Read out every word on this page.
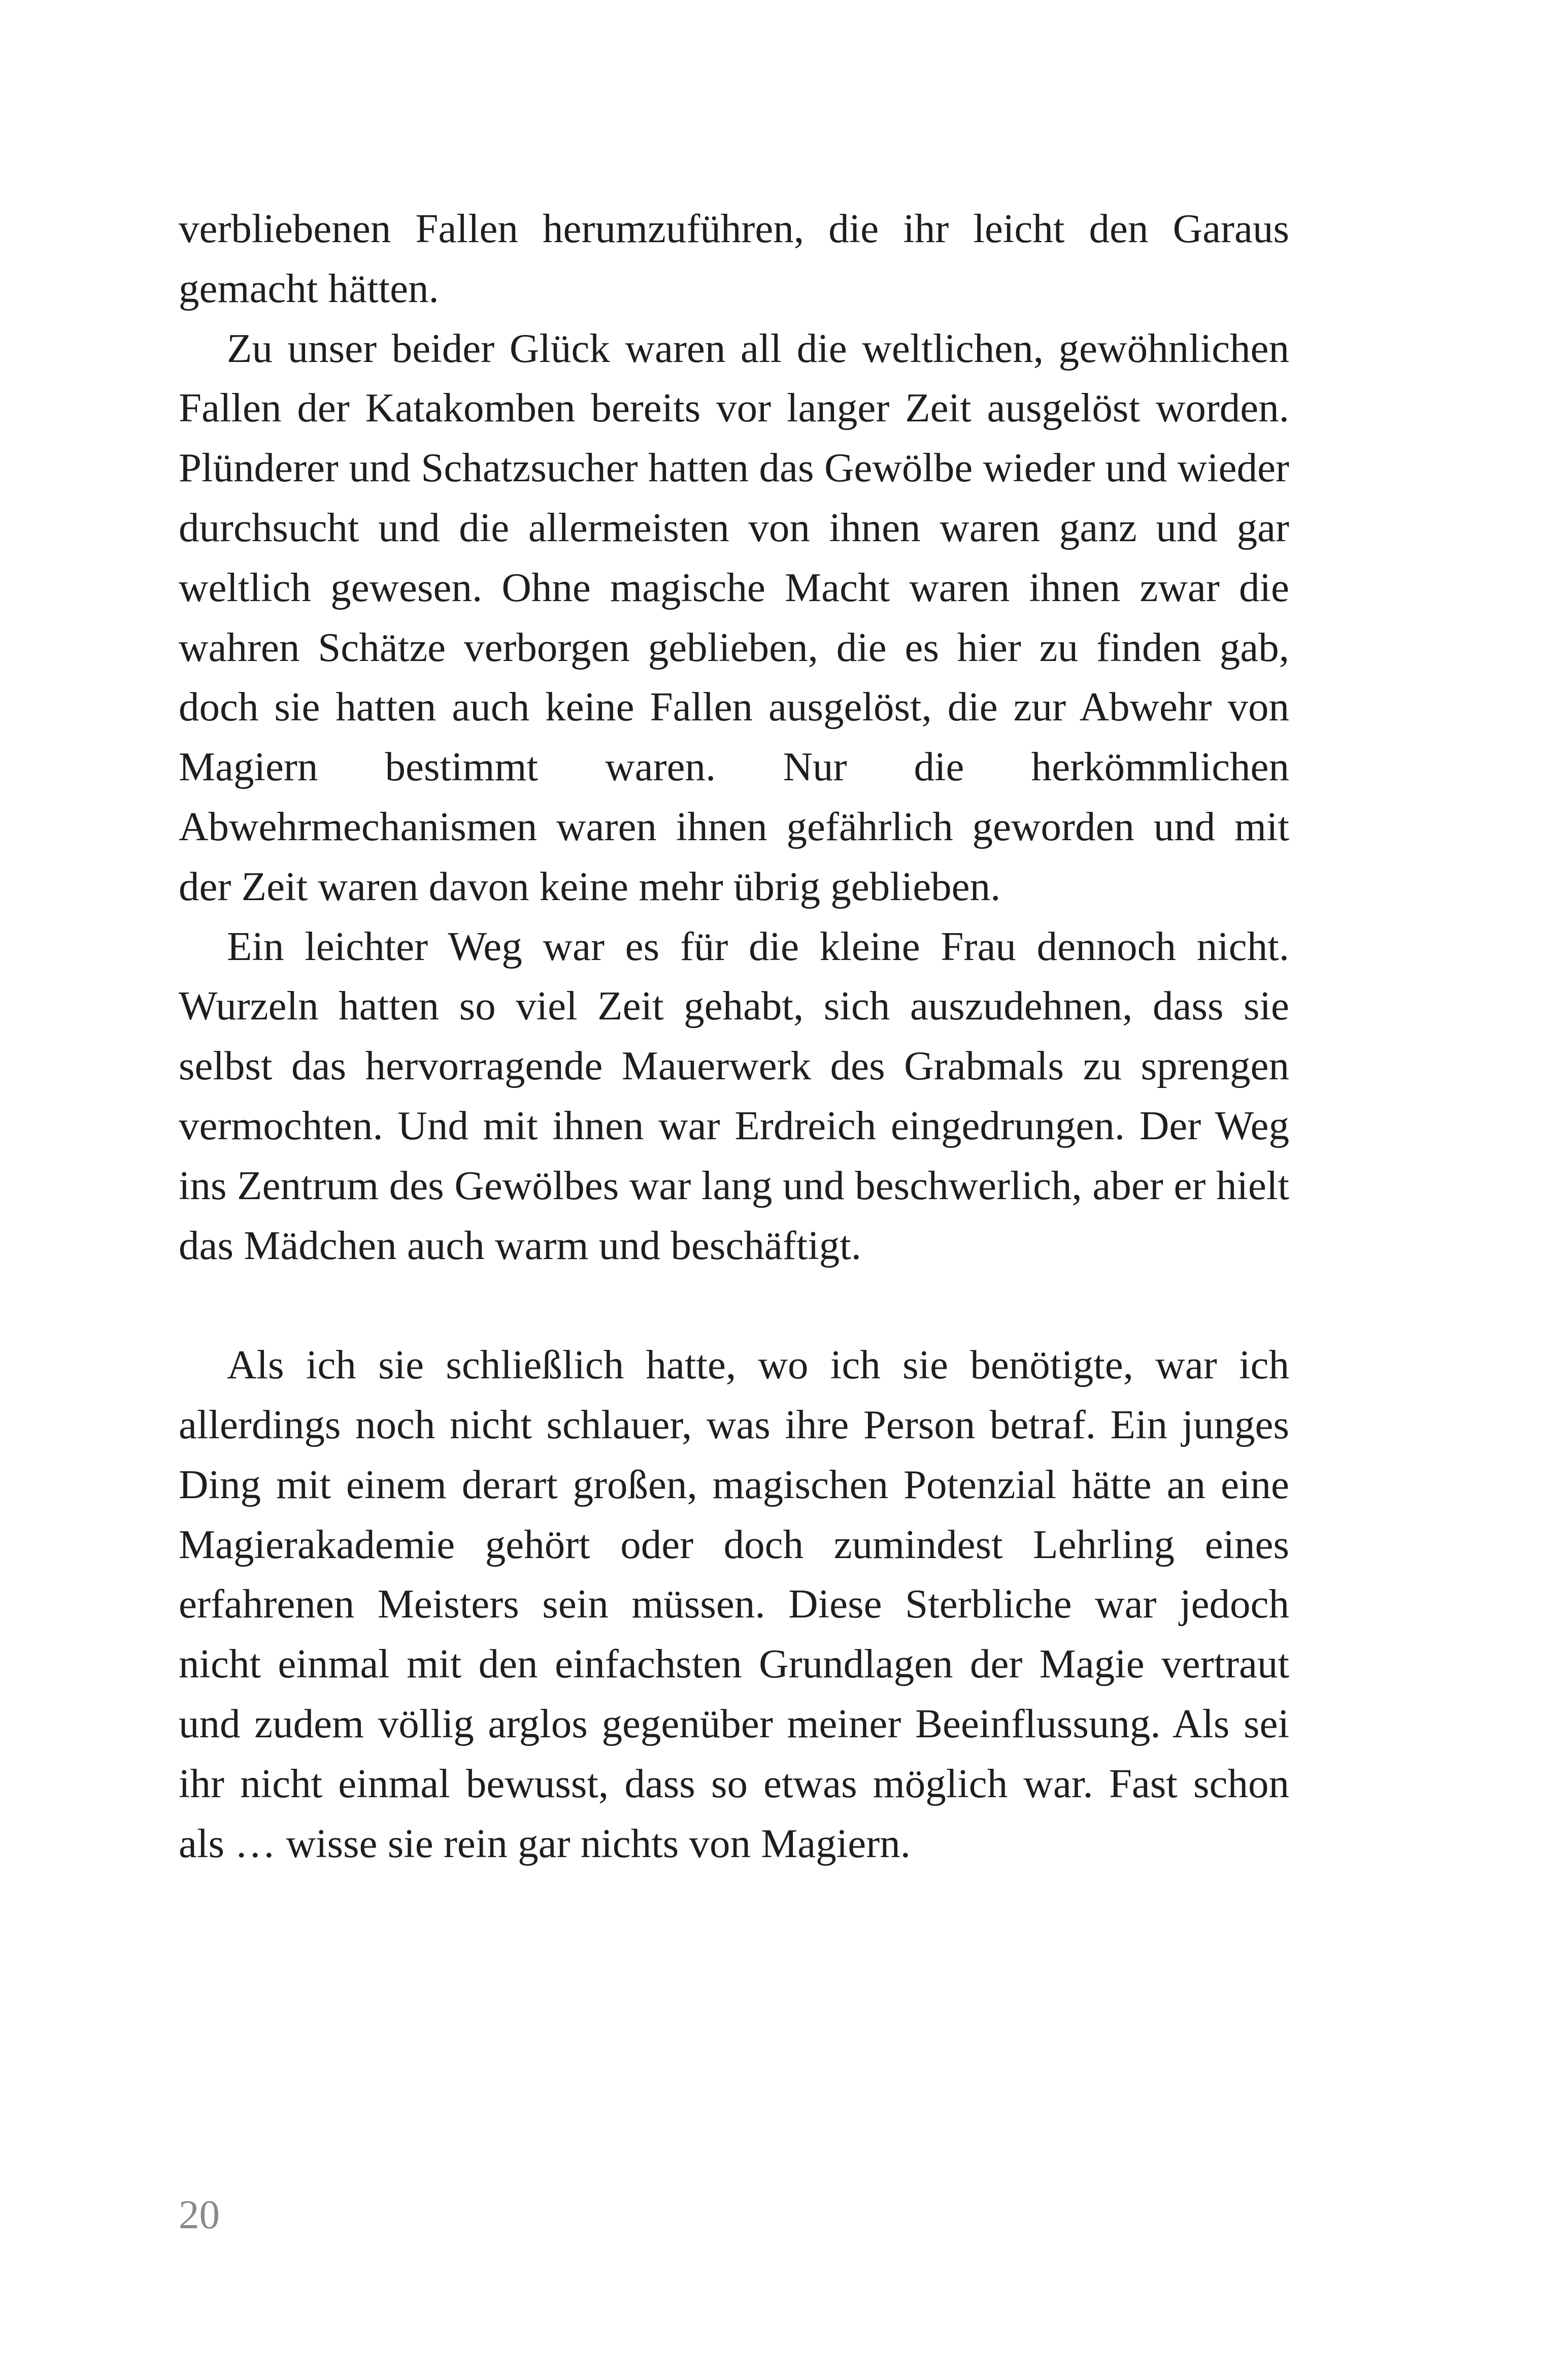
verbliebenen Fallen herumzuführen, die ihr leicht den Garaus gemacht hätten.

Zu unser beider Glück waren all die weltlichen, gewöhnlichen Fallen der Katakomben bereits vor langer Zeit ausgelöst worden. Plünderer und Schatzsucher hatten das Gewölbe wieder und wieder durchsucht und die allermeisten von ihnen waren ganz und gar weltlich gewesen. Ohne magische Macht waren ihnen zwar die wahren Schätze verborgen geblieben, die es hier zu finden gab, doch sie hatten auch keine Fallen ausgelöst, die zur Abwehr von Magiern bestimmt waren. Nur die herkömmlichen Abwehrmechanismen waren ihnen gefährlich geworden und mit der Zeit waren davon keine mehr übrig geblieben.

Ein leichter Weg war es für die kleine Frau dennoch nicht. Wurzeln hatten so viel Zeit gehabt, sich auszudehnen, dass sie selbst das hervorragende Mauerwerk des Grabmals zu sprengen vermochten. Und mit ihnen war Erdreich eingedrungen. Der Weg ins Zentrum des Gewölbes war lang und beschwerlich, aber er hielt das Mädchen auch warm und beschäftigt.

Als ich sie schließlich hatte, wo ich sie benötigte, war ich allerdings noch nicht schlauer, was ihre Person betraf. Ein junges Ding mit einem derart großen, magischen Potenzial hätte an eine Magierakademie gehört oder doch zumindest Lehrling eines erfahrenen Meisters sein müssen. Diese Sterbliche war jedoch nicht einmal mit den einfachsten Grundlagen der Magie vertraut und zudem völlig arglos gegenüber meiner Beeinflussung. Als sei ihr nicht einmal bewusst, dass so etwas möglich war. Fast schon als … wisse sie rein gar nichts von Magiern.

20
